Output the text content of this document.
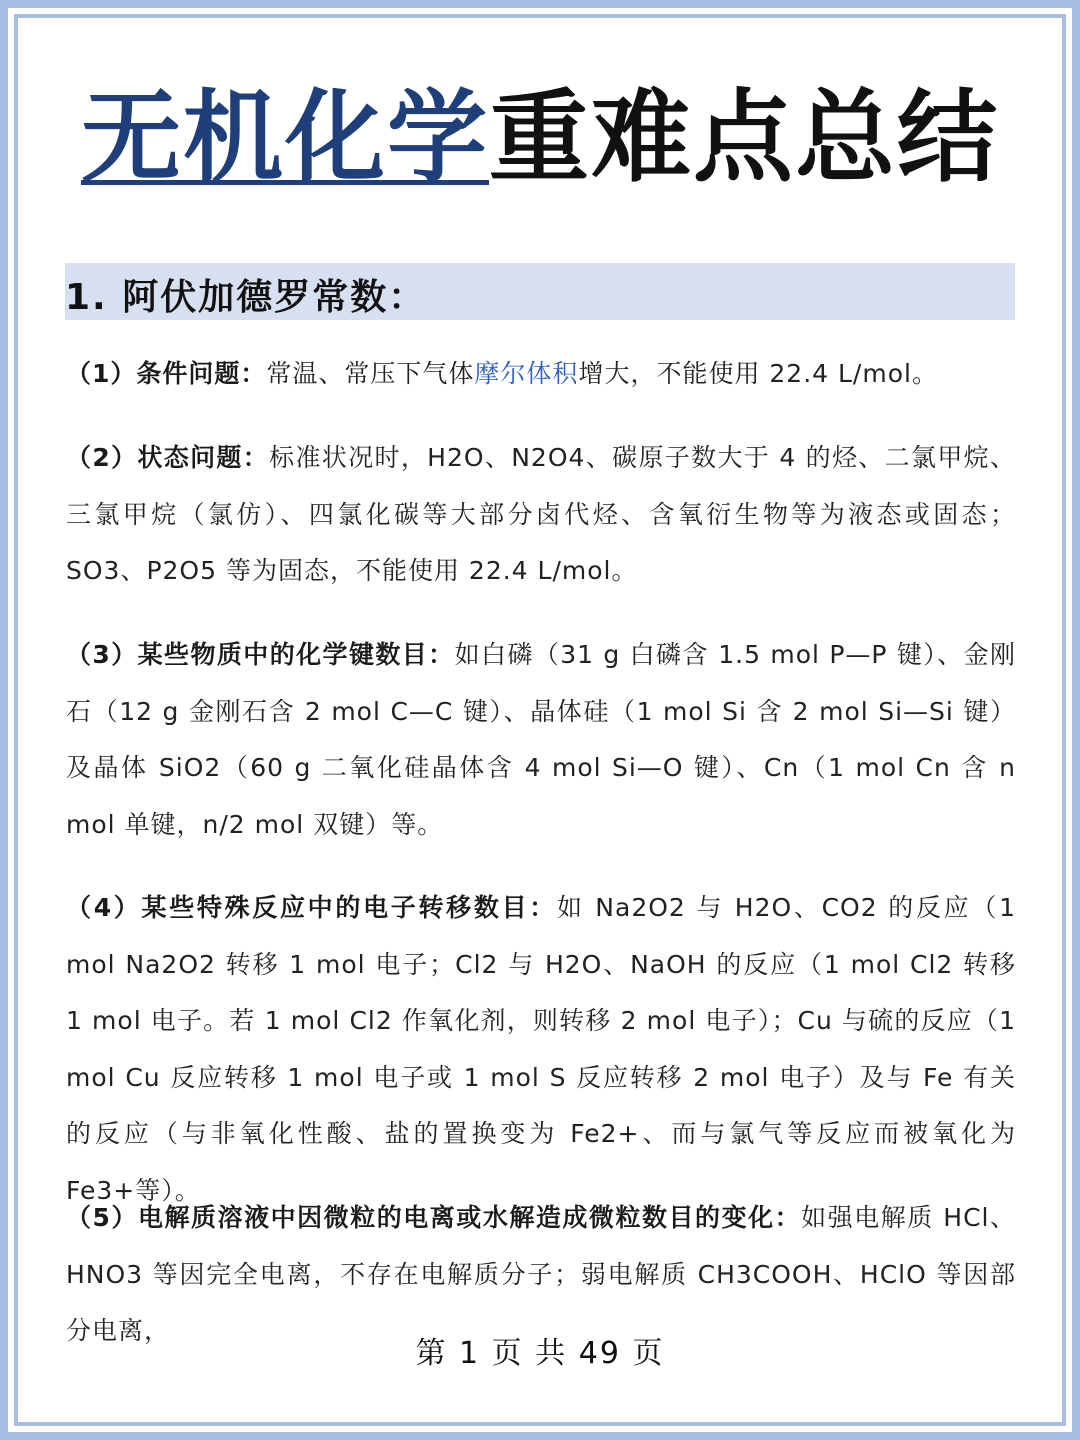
无机化学重难点总结
1. 阿伏加德罗常数：
（1）条件问题：常温、常压下气体摩尔体积增大，不能使用 22.4 L/mol。
（2）状态问题：标准状况时，H2O、N2O4、碳原子数大于 4 的烃、二氯甲烷、三氯甲烷（氯仿）、四氯化碳等大部分卤代烃、含氧衍生物等为液态或固态；SO3、P2O5 等为固态，不能使用 22.4 L/mol。
（3）某些物质中的化学键数目：如白磷（31 g 白磷含 1.5 mol P—P 键）、金刚石（12 g 金刚石含 2 mol C—C 键）、晶体硅（1 mol Si 含 2 mol Si—Si 键）及晶体 SiO2（60 g 二氧化硅晶体含 4 mol Si—O 键）、Cn（1 mol Cn 含 n mol 单键，n/2 mol 双键）等。
（4）某些特殊反应中的电子转移数目：如 Na2O2 与 H2O、CO2 的反应（1 mol Na2O2 转移 1 mol 电子；Cl2 与 H2O、NaOH 的反应（1 mol Cl2 转移 1 mol 电子。若 1 mol Cl2 作氧化剂，则转移 2 mol 电子）；Cu 与硫的反应（1 mol Cu 反应转移 1 mol 电子或 1 mol S 反应转移 2 mol 电子）及与 Fe 有关的反应（与非氧化性酸、盐的置换变为 Fe2+、而与氯气等反应而被氧化为 Fe3+等）。
（5）电解质溶液中因微粒的电离或水解造成微粒数目的变化：如强电解质 HCl、HNO3 等因完全电离，不存在电解质分子；弱电解质 CH3COOH、HClO 等因部分电离，
第 1 页 共 49 页
